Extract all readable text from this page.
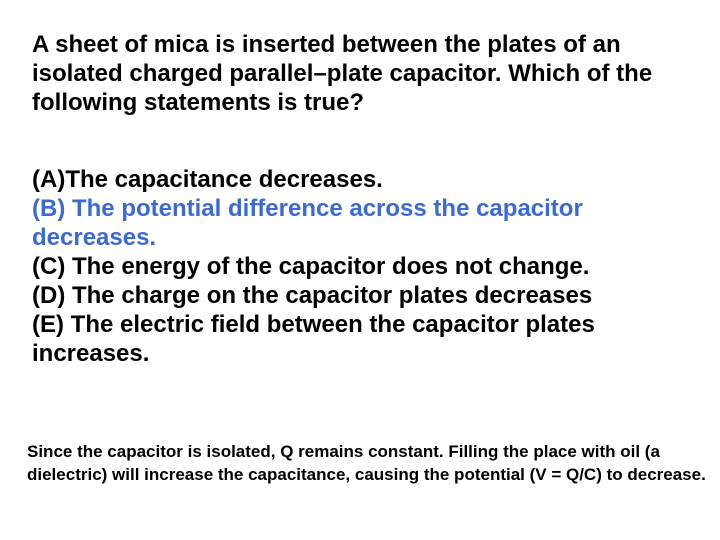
A sheet of mica is inserted between the plates of an isolated charged parallel–plate capacitor. Which of the following statements is true?

(A)The capacitance decreases.
(B) The potential difference across the capacitor decreases.
(C) The energy of the capacitor does not change.
(D) The charge on the capacitor plates decreases
(E) The electric field between the capacitor plates increases.

Since the capacitor is isolated, Q remains constant. Filling the place with oil (a dielectric) will increase the capacitance, causing the potential (V = Q/C) to decrease.
